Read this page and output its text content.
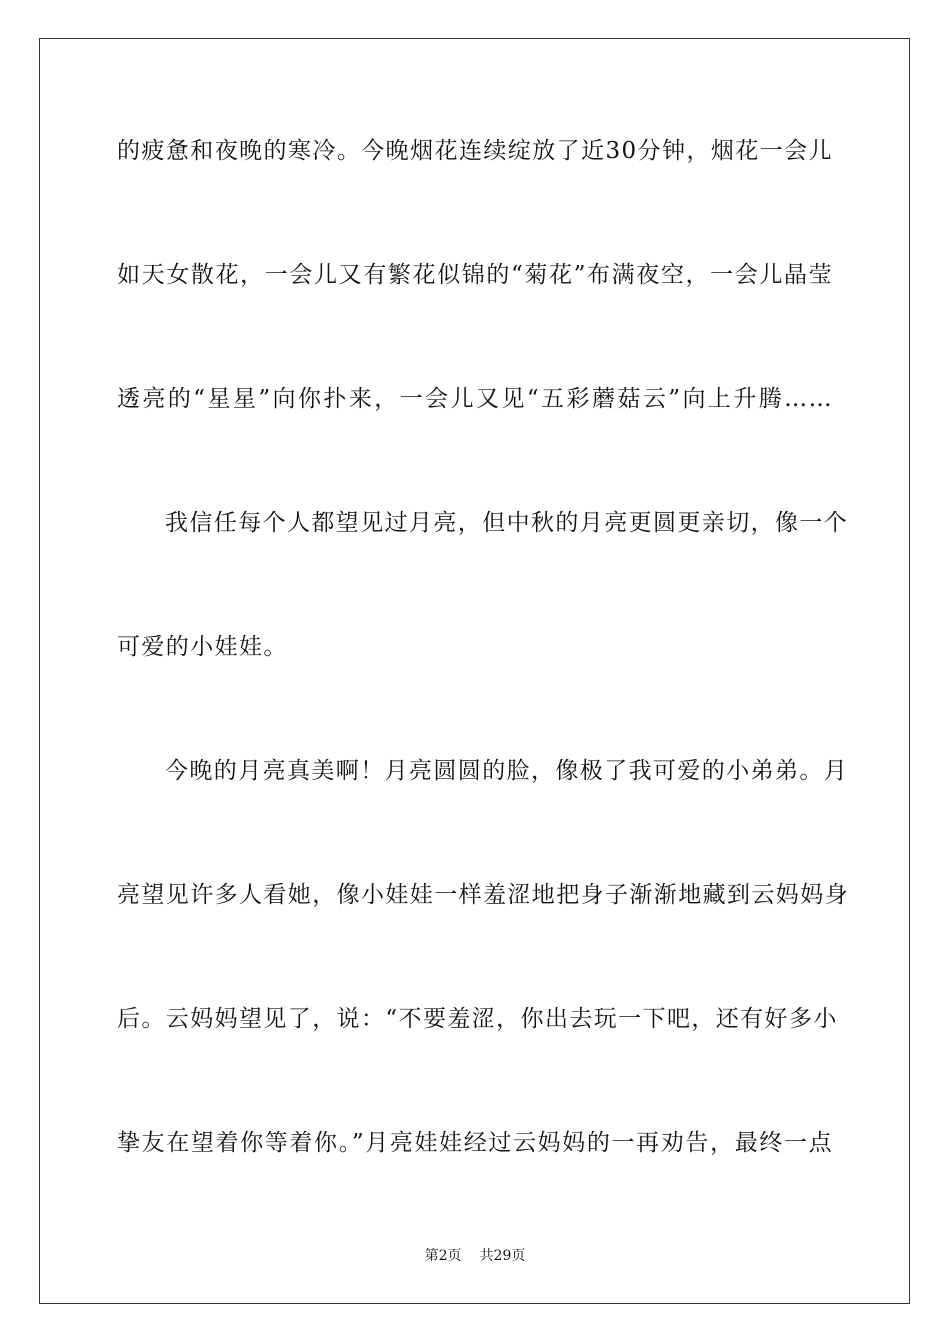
的疲惫和夜晚的寒冷。今晚烟花连续绽放了近30分钟，烟花一会儿
如天女散花，一会儿又有繁花似锦的“菊花”布满夜空，一会儿晶莹
透亮的“星星”向你扑来，一会儿又见“五彩蘑菇云”向上升腾……
我信任每个人都望见过月亮，但中秋的月亮更圆更亲切，像一个
可爱的小娃娃。
今晚的月亮真美啊！月亮圆圆的脸，像极了我可爱的小弟弟。月
亮望见许多人看她，像小娃娃一样羞涩地把身子渐渐地藏到云妈妈身
后。云妈妈望见了，说：“不要羞涩，你出去玩一下吧，还有好多小
挚友在望着你等着你。”月亮娃娃经过云妈妈的一再劝告，最终一点
第2页 共29页
